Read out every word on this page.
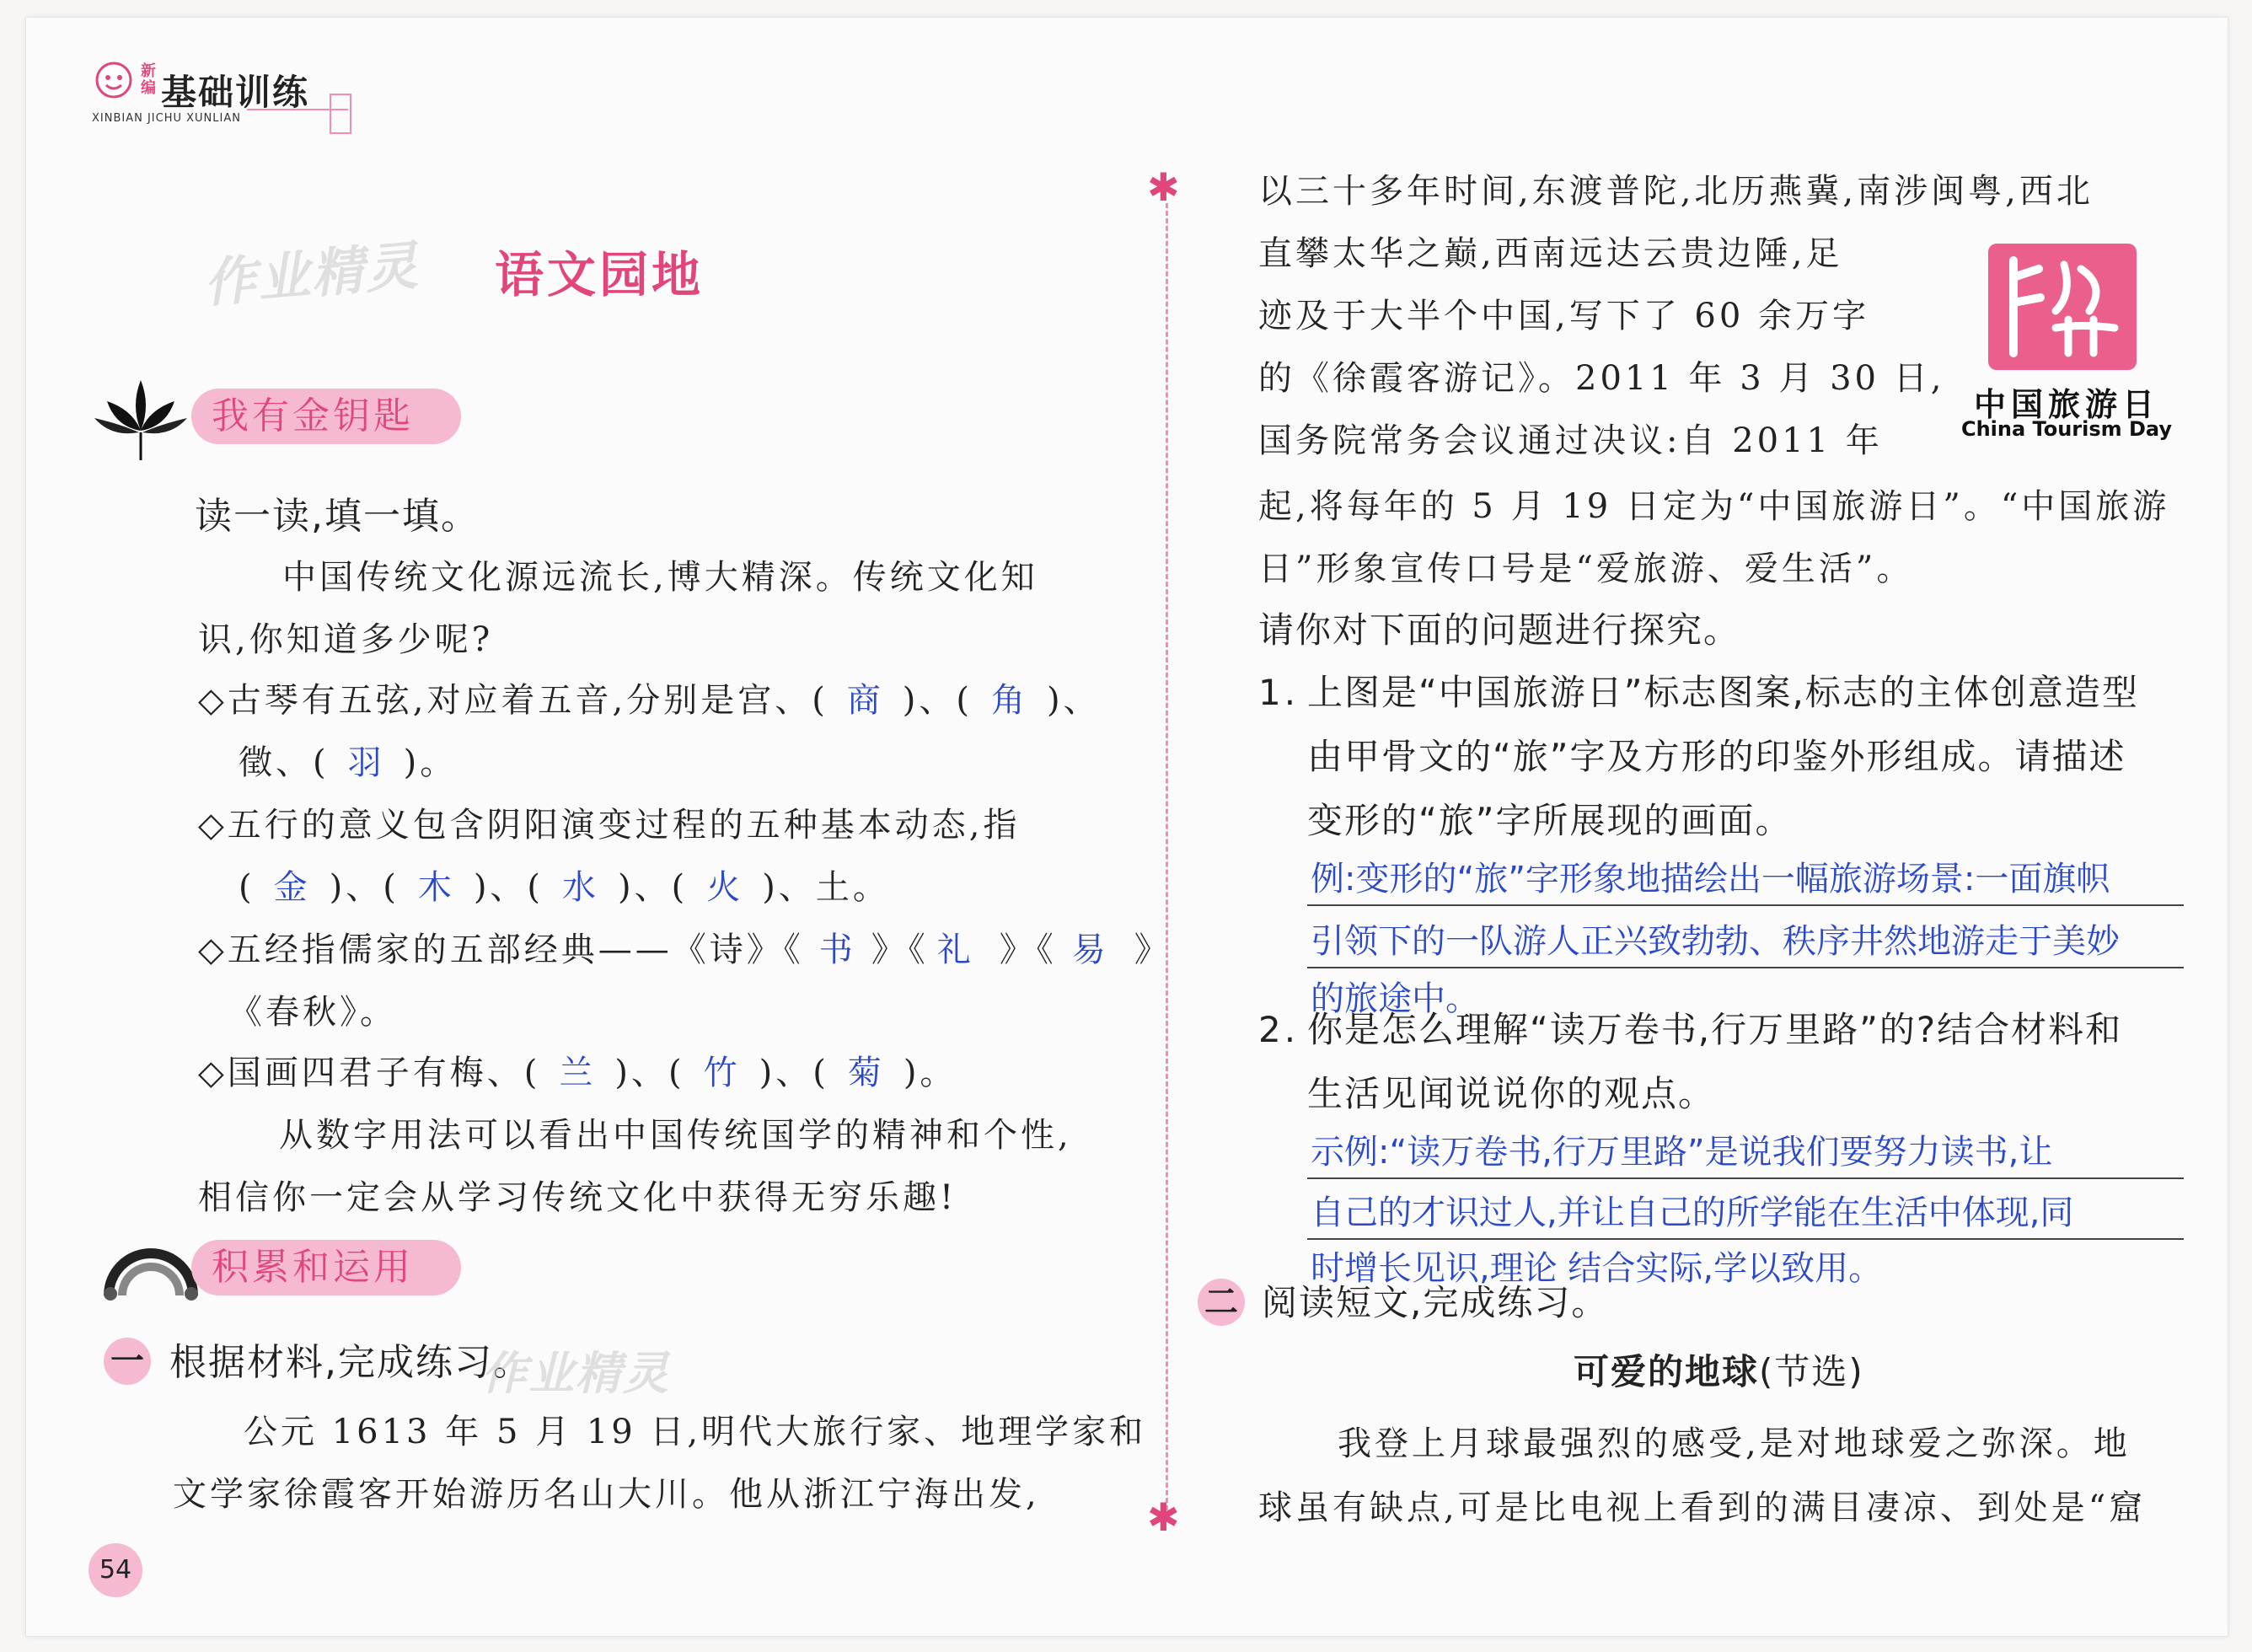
新编 基础训练
XINBIAN JICHU XUNLIAN
作业精灵 语文园地
我有金钥匙
读一读,填一填。
中国传统文化源远流长,博大精深。传统文化知
识,你知道多少呢?
◇古琴有五弦,对应着五音,分别是宫、( 商 )、( 角 )、
徵、( 羽 )。
◇五行的意义包含阴阳演变过程的五种基本动态,指
( 金 )、( 木 )、( 水 )、( 火 )、土。
◇五经指儒家的五部经典——《诗》《 书 》《 礼 》《 易 》
《春秋》。
◇国画四君子有梅、( 兰 )、( 竹 )、( 菊 )。
从数字用法可以看出中国传统国学的精神和个性,
相信你一定会从学习传统文化中获得无穷乐趣!
积累和运用
一 根据材料,完成练习。
作业精灵
公元 1613 年 5 月 19 日,明代大旅行家、地理学家和
文学家徐霞客开始游历名山大川。他从浙江宁海出发,
54
✱
✱
以三十多年时间,东渡普陀,北历燕冀,南涉闽粤,西北
直攀太华之巅,西南远达云贵边陲,足
迹及于大半个中国,写下了 60 余万字
的《徐霞客游记》。2011 年 3 月 30 日,
国务院常务会议通过决议:自 2011 年
起,将每年的 5 月 19 日定为“中国旅游日”。“中国旅游
日”形象宣传口号是“爱旅游、爱生活”。
中国旅游日
China Tourism Day
请你对下面的问题进行探究。
1. 上图是“中国旅游日”标志图案,标志的主体创意造型
由甲骨文的“旅”字及方形的印鉴外形组成。请描述
变形的“旅”字所展现的画面。
例:变形的“旅”字形象地描绘出一幅旅游场景:一面旗帜
引领下的一队游人正兴致勃勃、秩序井然地游走于美妙
的旅途中。
2. 你是怎么理解“读万卷书,行万里路”的?结合材料和
生活见闻说说你的观点。
示例:“读万卷书,行万里路”是说我们要努力读书,让
自己的才识过人,并让自己的所学能在生活中体现,同
时增长见识,理论 结合实际,学以致用。
二 阅读短文,完成练习。
可爱的地球(节选)
我登上月球最强烈的感受,是对地球爱之弥深。地
球虽有缺点,可是比电视上看到的满目凄凉、到处是“窟
